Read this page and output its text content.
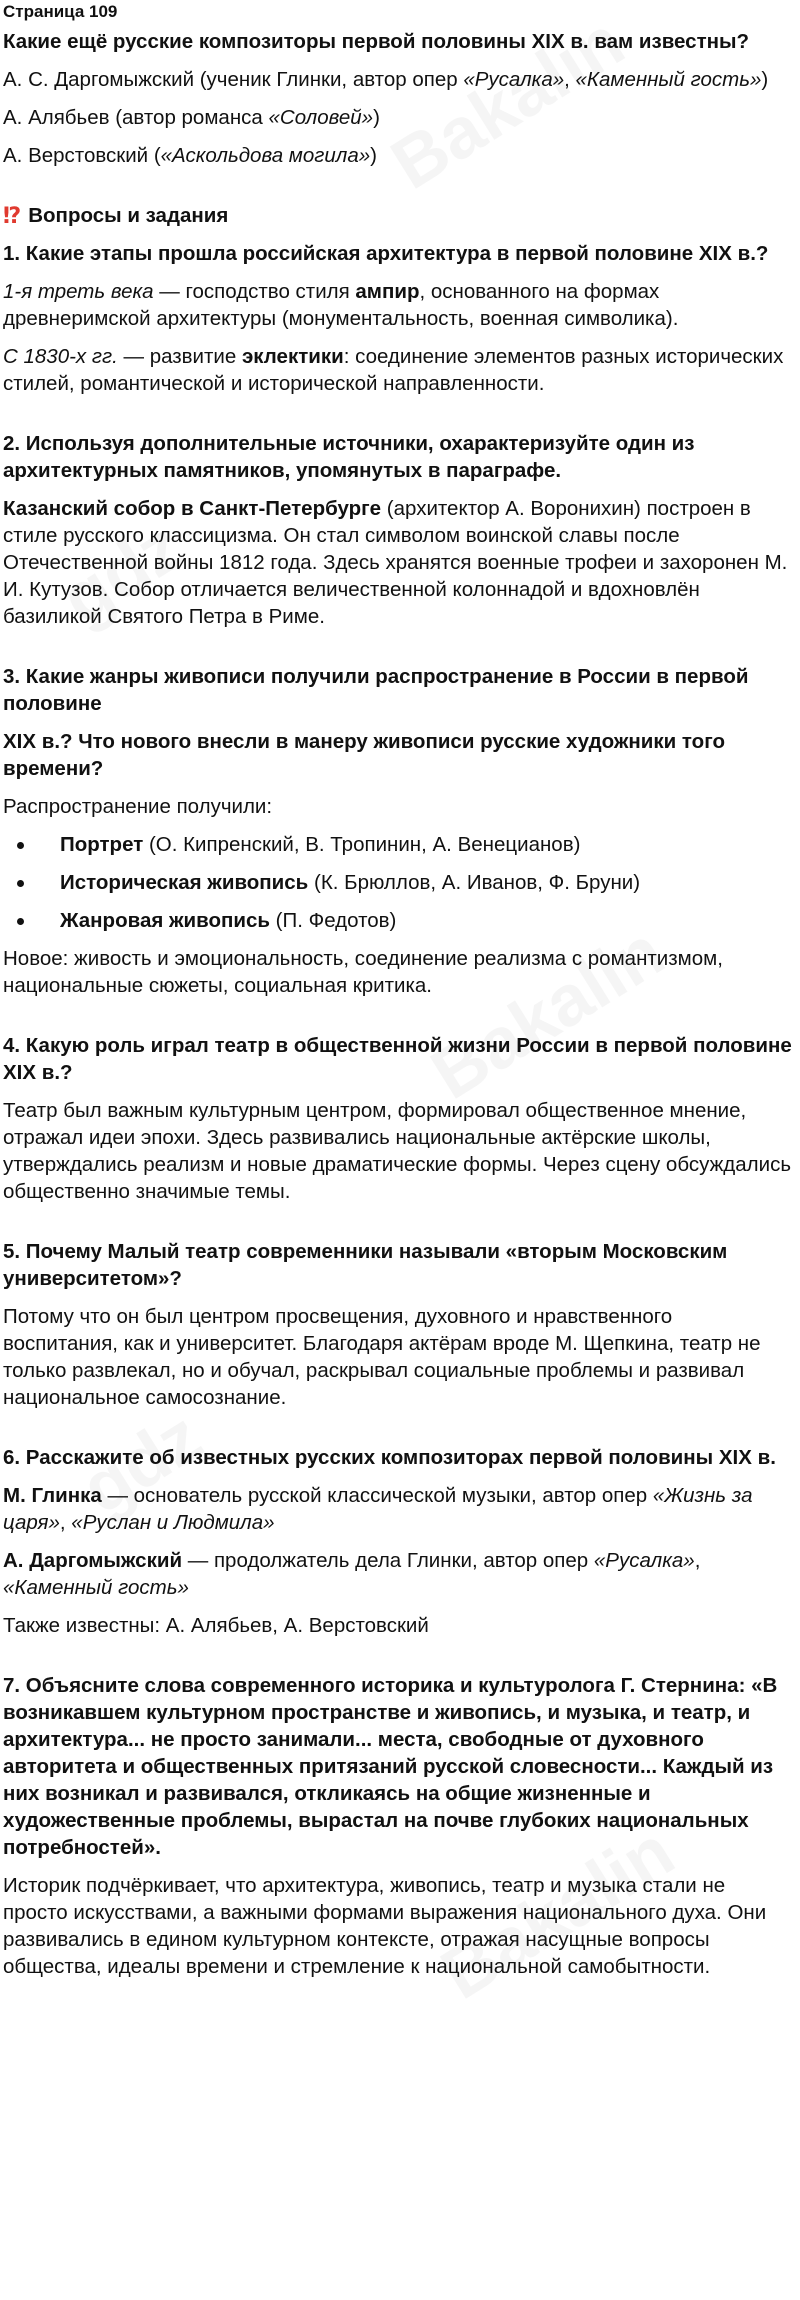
Страница 109

Какие ещё русские композиторы первой половины XIX в. вам известны?

А. С. Даргомыжский (ученик Глинки, автор опер «Русалка», «Каменный гость»)

А. Алябьев (автор романса «Соловей»)

А. Верстовский («Аскольдова могила»)

⁉ Вопросы и задания

1. Какие этапы прошла российская архитектура в первой половине XIX в.?

1-я треть века — господство стиля ампир, основанного на формах древнеримской архитектуры (монументальность, военная символика).

С 1830-х гг. — развитие эклектики: соединение элементов разных исторических стилей, романтической и исторической направленности.

2. Используя дополнительные источники, охарактеризуйте один из архитектурных памятников, упомянутых в параграфе.

Казанский собор в Санкт-Петербурге (архитектор А. Воронихин) построен в стиле русского классицизма. Он стал символом воинской славы после Отечественной войны 1812 года. Здесь хранятся военные трофеи и захоронен М. И. Кутузов. Собор отличается величественной колоннадой и вдохновлён базиликой Святого Петра в Риме.

3. Какие жанры живописи получили распространение в России в первой половине

XIX в.? Что нового внесли в манеру живописи русские художники того времени?

Распространение получили:

Портрет (О. Кипренский, В. Тропинин, А. Венецианов)
Историческая живопись (К. Брюллов, А. Иванов, Ф. Бруни)
Жанровая живопись (П. Федотов)

Новое: живость и эмоциональность, соединение реализма с романтизмом, национальные сюжеты, социальная критика.

4. Какую роль играл театр в общественной жизни России в первой половине XIX в.?

Театр был важным культурным центром, формировал общественное мнение, отражал идеи эпохи. Здесь развивались национальные актёрские школы, утверждались реализм и новые драматические формы. Через сцену обсуждались общественно значимые темы.

5. Почему Малый театр современники называли «вторым Московским университетом»?

Потому что он был центром просвещения, духовного и нравственного воспитания, как и университет. Благодаря актёрам вроде М. Щепкина, театр не только развлекал, но и обучал, раскрывал социальные проблемы и развивал национальное самосознание.

6. Расскажите об известных русских композиторах первой половины XIX в.

М. Глинка — основатель русской классической музыки, автор опер «Жизнь за царя», «Руслан и Людмила»

А. Даргомыжский — продолжатель дела Глинки, автор опер «Русалка», «Каменный гость»

Также известны: А. Алябьев, А. Верстовский

7. Объясните слова современного историка и культуролога Г. Стернина: «В возникавшем культурном пространстве и живопись, и музыка, и театр, и архитектура... не просто занимали... места, свободные от духовного авторитета и общественных притязаний русской словесности... Каждый из них возникал и развивался, откликаясь на общие жизненные и художественные проблемы, вырастал на почве глубоких национальных потребностей».

Историк подчёркивает, что архитектура, живопись, театр и музыка стали не просто искусствами, а важными формами выражения национального духа. Они развивались в едином культурном контексте, отражая насущные вопросы общества, идеалы времени и стремление к национальной самобытности.
